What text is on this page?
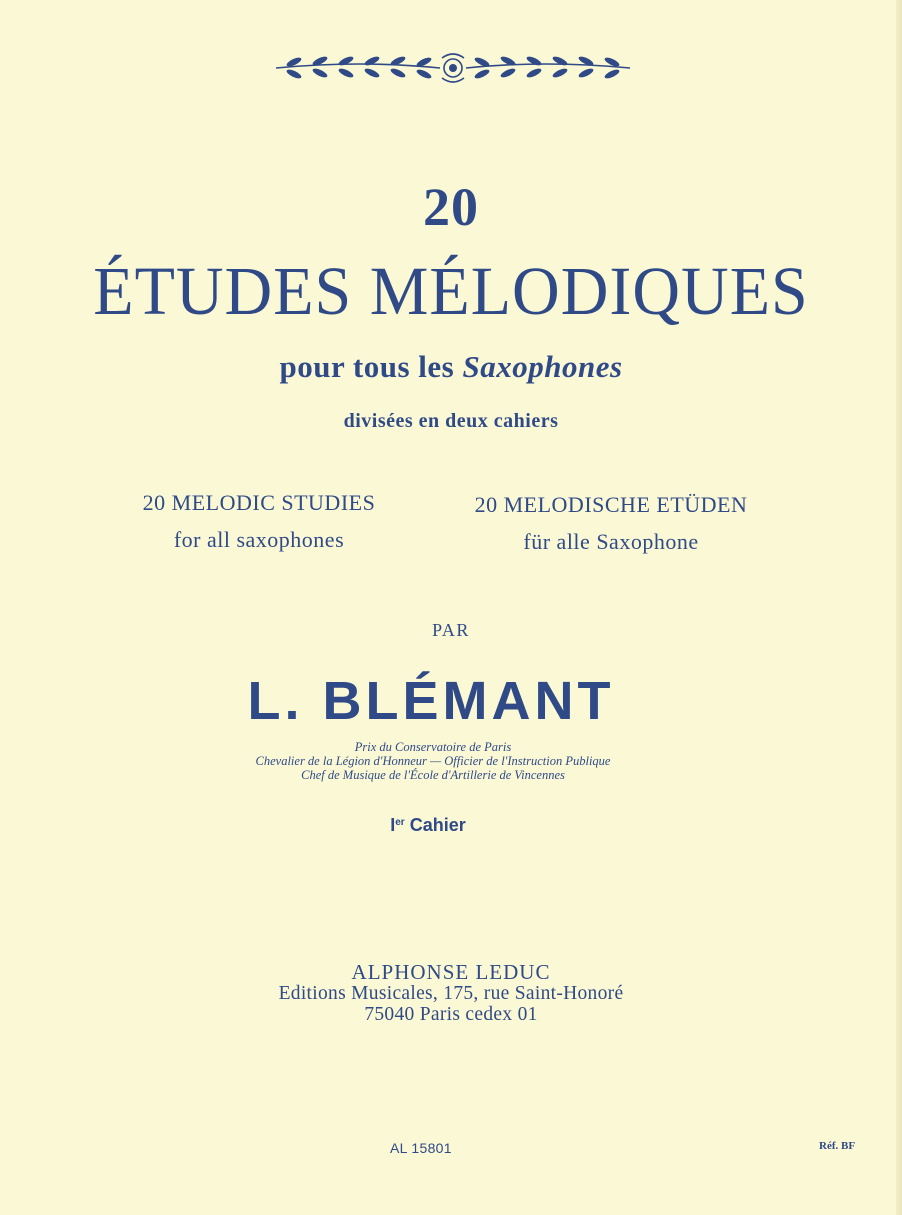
20
ÉTUDES MÉLODIQUES
pour tous les Saxophones
divisées en deux cahiers
20 MELODIC STUDIES
for all saxophones
20 MELODISCHE ETÜDEN
für alle Saxophone
PAR
L. BLÉMANT
Prix du Conservatoire de Paris
Chevalier de la Légion d'Honneur — Officier de l'Instruction Publique
Chef de Musique de l'École d'Artillerie de Vincennes
Ier Cahier
ALPHONSE LEDUC
Editions Musicales, 175, rue Saint-Honoré
75040 Paris cedex 01
AL 15801	Réf. BF
